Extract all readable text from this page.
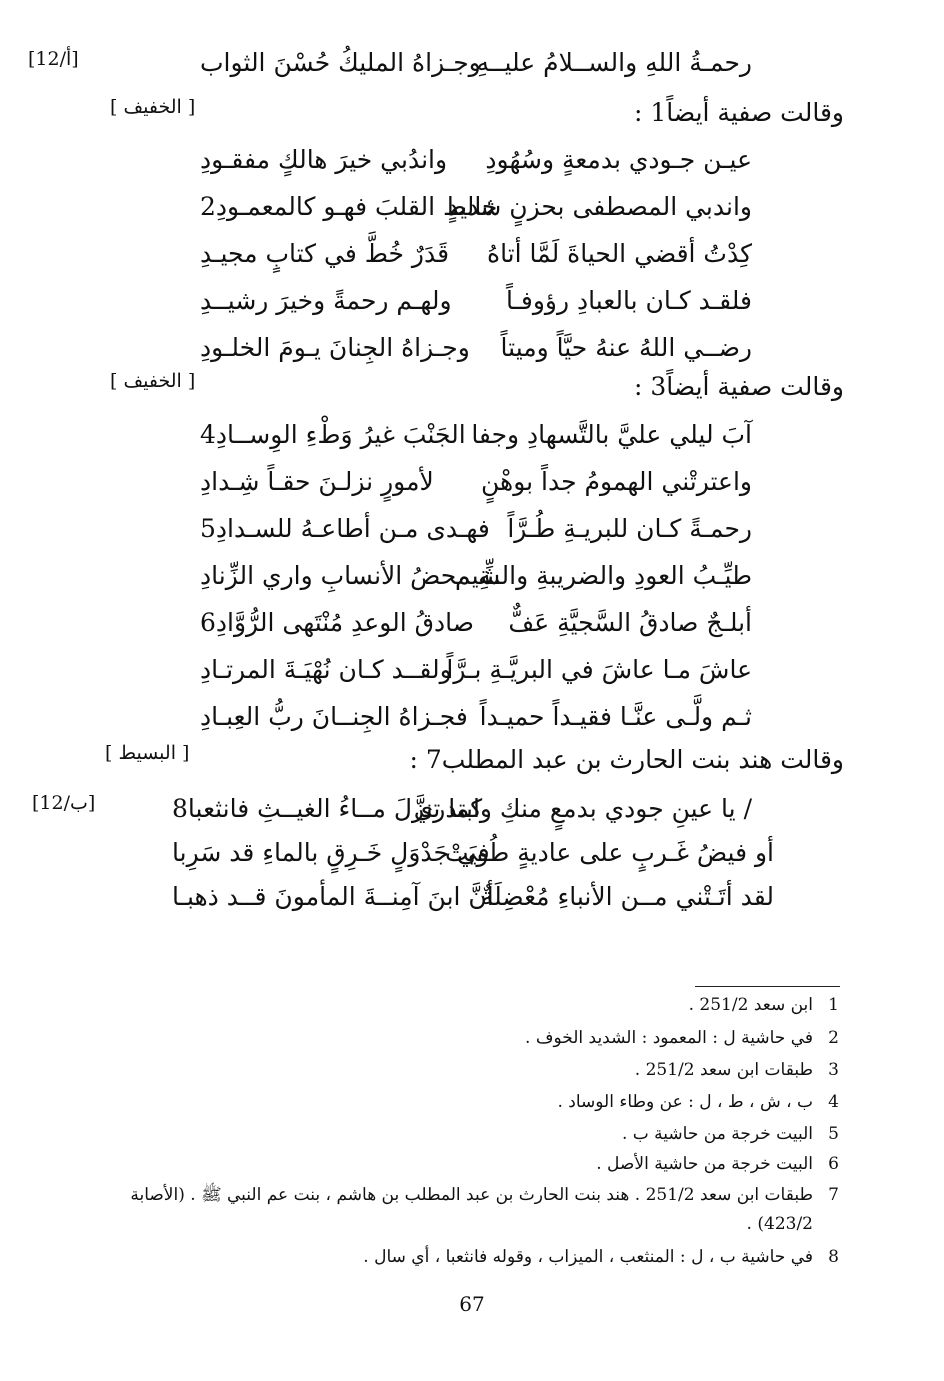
[12/أ]	رحمـةُ اللهِ والســلامُ عليــهِ
وجـزاهُ المليكُ حُسْنَ الثواب
وقالت صفية أيضاً1 :
[ الخفيف ]
عيـن جـودي بدمعةٍ وسُهُودِ
واندُبي خيرَ هالكٍ مفقـودِ
واندبي المصطفى بحزنٍ شديدٍ
خالط القلبَ فهـو كالمعمـودِ2
كِدْتُ أقضي الحياةَ لَمَّا أتاهُ
قَدَرٌ خُطَّ في كتابٍ مجيـدِ
فلقـد كـان بالعبادِ رؤوفـاً
ولهـم رحمةً وخيرَ رشيــدِ
رضــي اللهُ عنهُ حيَّاً وميتاً
وجـزاهُ الجِنانَ يـومَ الخلـودِ
وقالت صفية أيضاً3 :
[ الخفيف ]
آبَ ليلي عليَّ بالتَّسهادِ وجفا
الجَنْبَ غيرُ وَطْءِ الوِســادِ4
واعترتْني الهمومُ جداً بوهْنٍ
لأمورٍ نزلـنَ حقـاً شِـدادِ
رحمـةً كـان للبريـةِ طُـرَّاً
فهـدى مـن أطاعـهُ للسـدادِ5
طيِّـبُ العودِ والضريبةِ والشِّيم
ـةِ محضُ الأنسابِ واري الزِّنادِ
أبلـجٌ صادقُ السَّجيَّةِ عَفٌّ
صادقُ الوعدِ مُنْتَهى الرُّوَّادِ6
عاشَ مـا عاشَ في البريَّـةِ بـرَّاً
ولقــد كـان نُهْيَـةَ المرتـادِ
ثـم ولَّـى عنَّـا فقيـداً حميـداً
فجـزاهُ الجِنــانَ ربُّ العِبـادِ
وقالت هند بنت الحارث بن عبد المطلب7 :
[ البسيط ]
[12/ب]	/ يا عينِ جودي بدمعٍ منكِ وابتدري
كما تنزَّلَ مــاءُ الغيــثِ فانثعبا8
أو فيضُ غَـربٍ على عاديةٍ طُويَتْ
في جَدْوَلٍ خَـرِقٍ بالماءِ قد سَرِبا
لقد أتَـتْني مــن الأنباءِ مُعْضِلَةٌ
أنَّ ابنَ آمِنــةَ المأمونَ قــد ذهبـا
1
ابن سعد 251/2 .
2
في حاشية ل : المعمود : الشديد الخوف .
3
طبقات ابن سعد 251/2 .
4
ب ، ش ، ط ، ل : عن وطاء الوساد .
5
البيت خرجة من حاشية ب .
6
البيت خرجة من حاشية الأصل .
7
طبقات ابن سعد 251/2 . هند بنت الحارث بن عبد المطلب بن هاشم ، بنت عم النبي ﷺ . (الأصابة
423/2) .
8
في حاشية ب ، ل : المنثعب ، الميزاب ، وقوله فانثعبا ، أي سال .
67
